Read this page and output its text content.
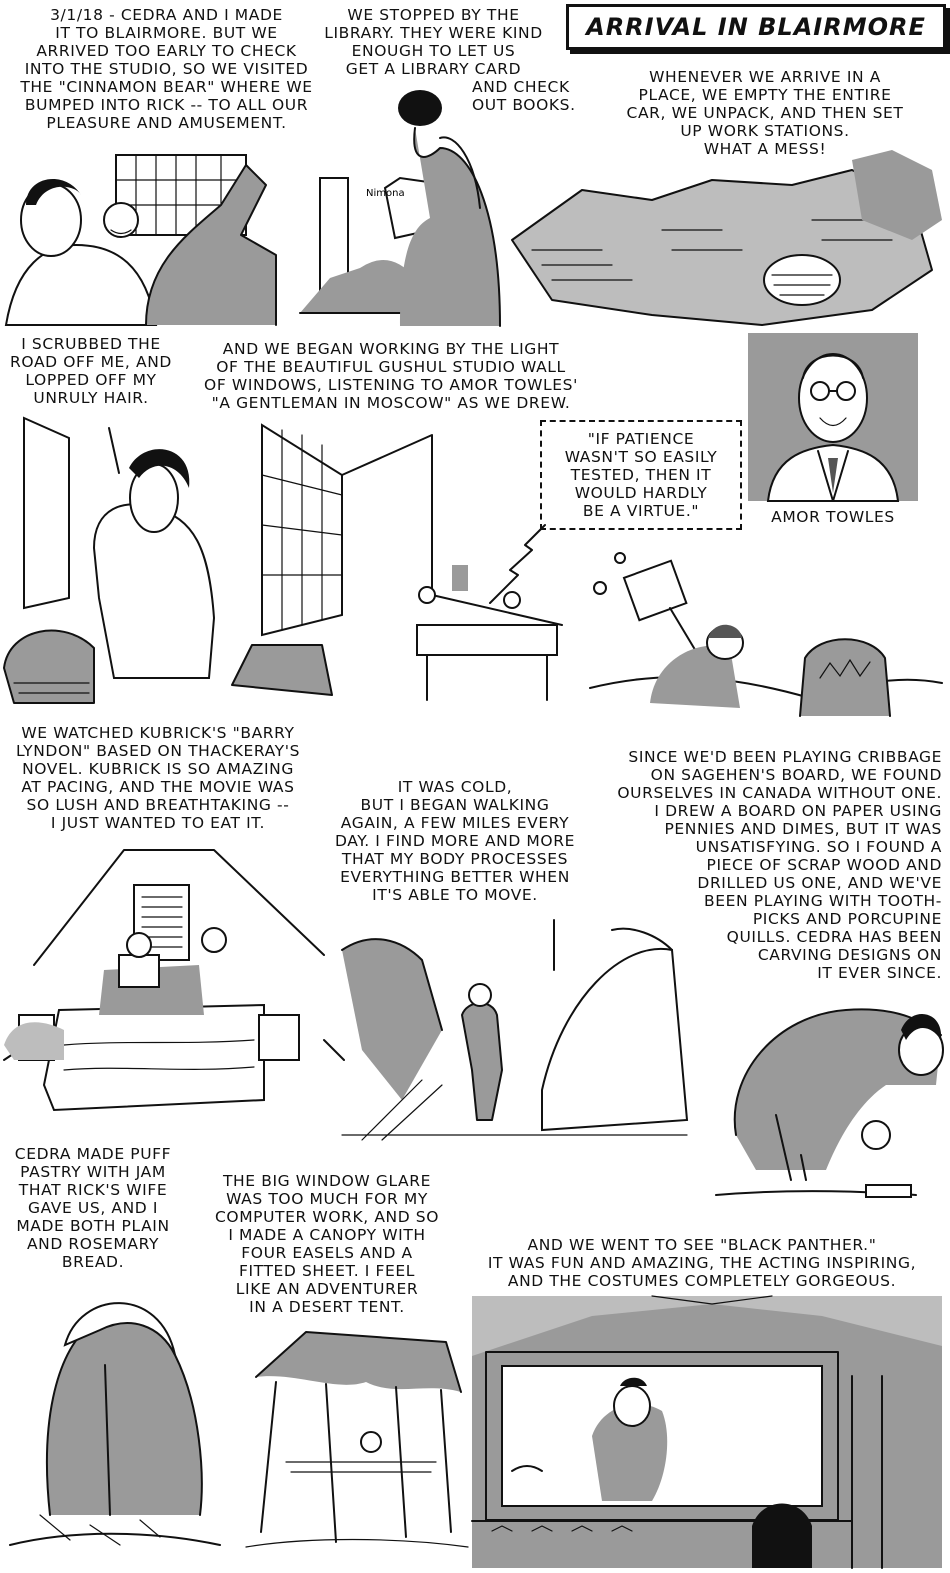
ARRIVAL IN BLAIRMORE
3/1/18 - CEDRA AND I MADE
IT TO BLAIRMORE. BUT WE
ARRIVED TOO EARLY TO CHECK
INTO THE STUDIO, SO WE VISITED
THE "CINNAMON BEAR" WHERE WE
BUMPED INTO RICK -- TO ALL OUR
PLEASURE AND AMUSEMENT.
WE STOPPED BY THE
LIBRARY. THEY WERE KIND
ENOUGH TO LET US
GET A LIBRARY CARD
AND CHECK
OUT BOOKS.
WHENEVER WE ARRIVE IN A
PLACE, WE EMPTY THE ENTIRE
CAR, WE UNPACK, AND THEN SET
UP WORK STATIONS.
WHAT A MESS!
Nimona
I SCRUBBED THE
ROAD OFF ME, AND
LOPPED OFF MY
UNRULY HAIR.
AND WE BEGAN WORKING BY THE LIGHT
OF THE BEAUTIFUL GUSHUL STUDIO WALL
OF WINDOWS, LISTENING TO AMOR TOWLES'
"A GENTLEMAN IN MOSCOW" AS WE DREW.
AMOR TOWLES
"IF PATIENCE
WASN'T SO EASILY
TESTED, THEN IT
WOULD HARDLY
BE A VIRTUE."
WE WATCHED KUBRICK'S "BARRY
LYNDON" BASED ON THACKERAY'S
NOVEL. KUBRICK IS SO AMAZING
AT PACING, AND THE MOVIE WAS
SO LUSH AND BREATHTAKING --
I JUST WANTED TO EAT IT.
IT WAS COLD,
BUT I BEGAN WALKING
AGAIN, A FEW MILES EVERY
DAY. I FIND MORE AND MORE
THAT MY BODY PROCESSES
EVERYTHING BETTER WHEN
IT'S ABLE TO MOVE.
SINCE WE'D BEEN PLAYING CRIBBAGE
ON SAGEHEN'S BOARD, WE FOUND
OURSELVES IN CANADA WITHOUT ONE.
I DREW A BOARD ON PAPER USING
PENNIES AND DIMES, BUT IT WAS
UNSATISFYING. SO I FOUND A
PIECE OF SCRAP WOOD AND
DRILLED US ONE, AND WE'VE
BEEN PLAYING WITH TOOTH-
PICKS AND PORCUPINE
QUILLS. CEDRA HAS BEEN
CARVING DESIGNS ON
IT EVER SINCE.
CEDRA MADE PUFF
PASTRY WITH JAM
THAT RICK'S WIFE
GAVE US, AND I
MADE BOTH PLAIN
AND ROSEMARY
BREAD.
THE BIG WINDOW GLARE
WAS TOO MUCH FOR MY
COMPUTER WORK, AND SO
I MADE A CANOPY WITH
FOUR EASELS AND A
FITTED SHEET. I FEEL
LIKE AN ADVENTURER
IN A DESERT TENT.
AND WE WENT TO SEE "BLACK PANTHER."
IT WAS FUN AND AMAZING, THE ACTING INSPIRING,
AND THE COSTUMES COMPLETELY GORGEOUS.
